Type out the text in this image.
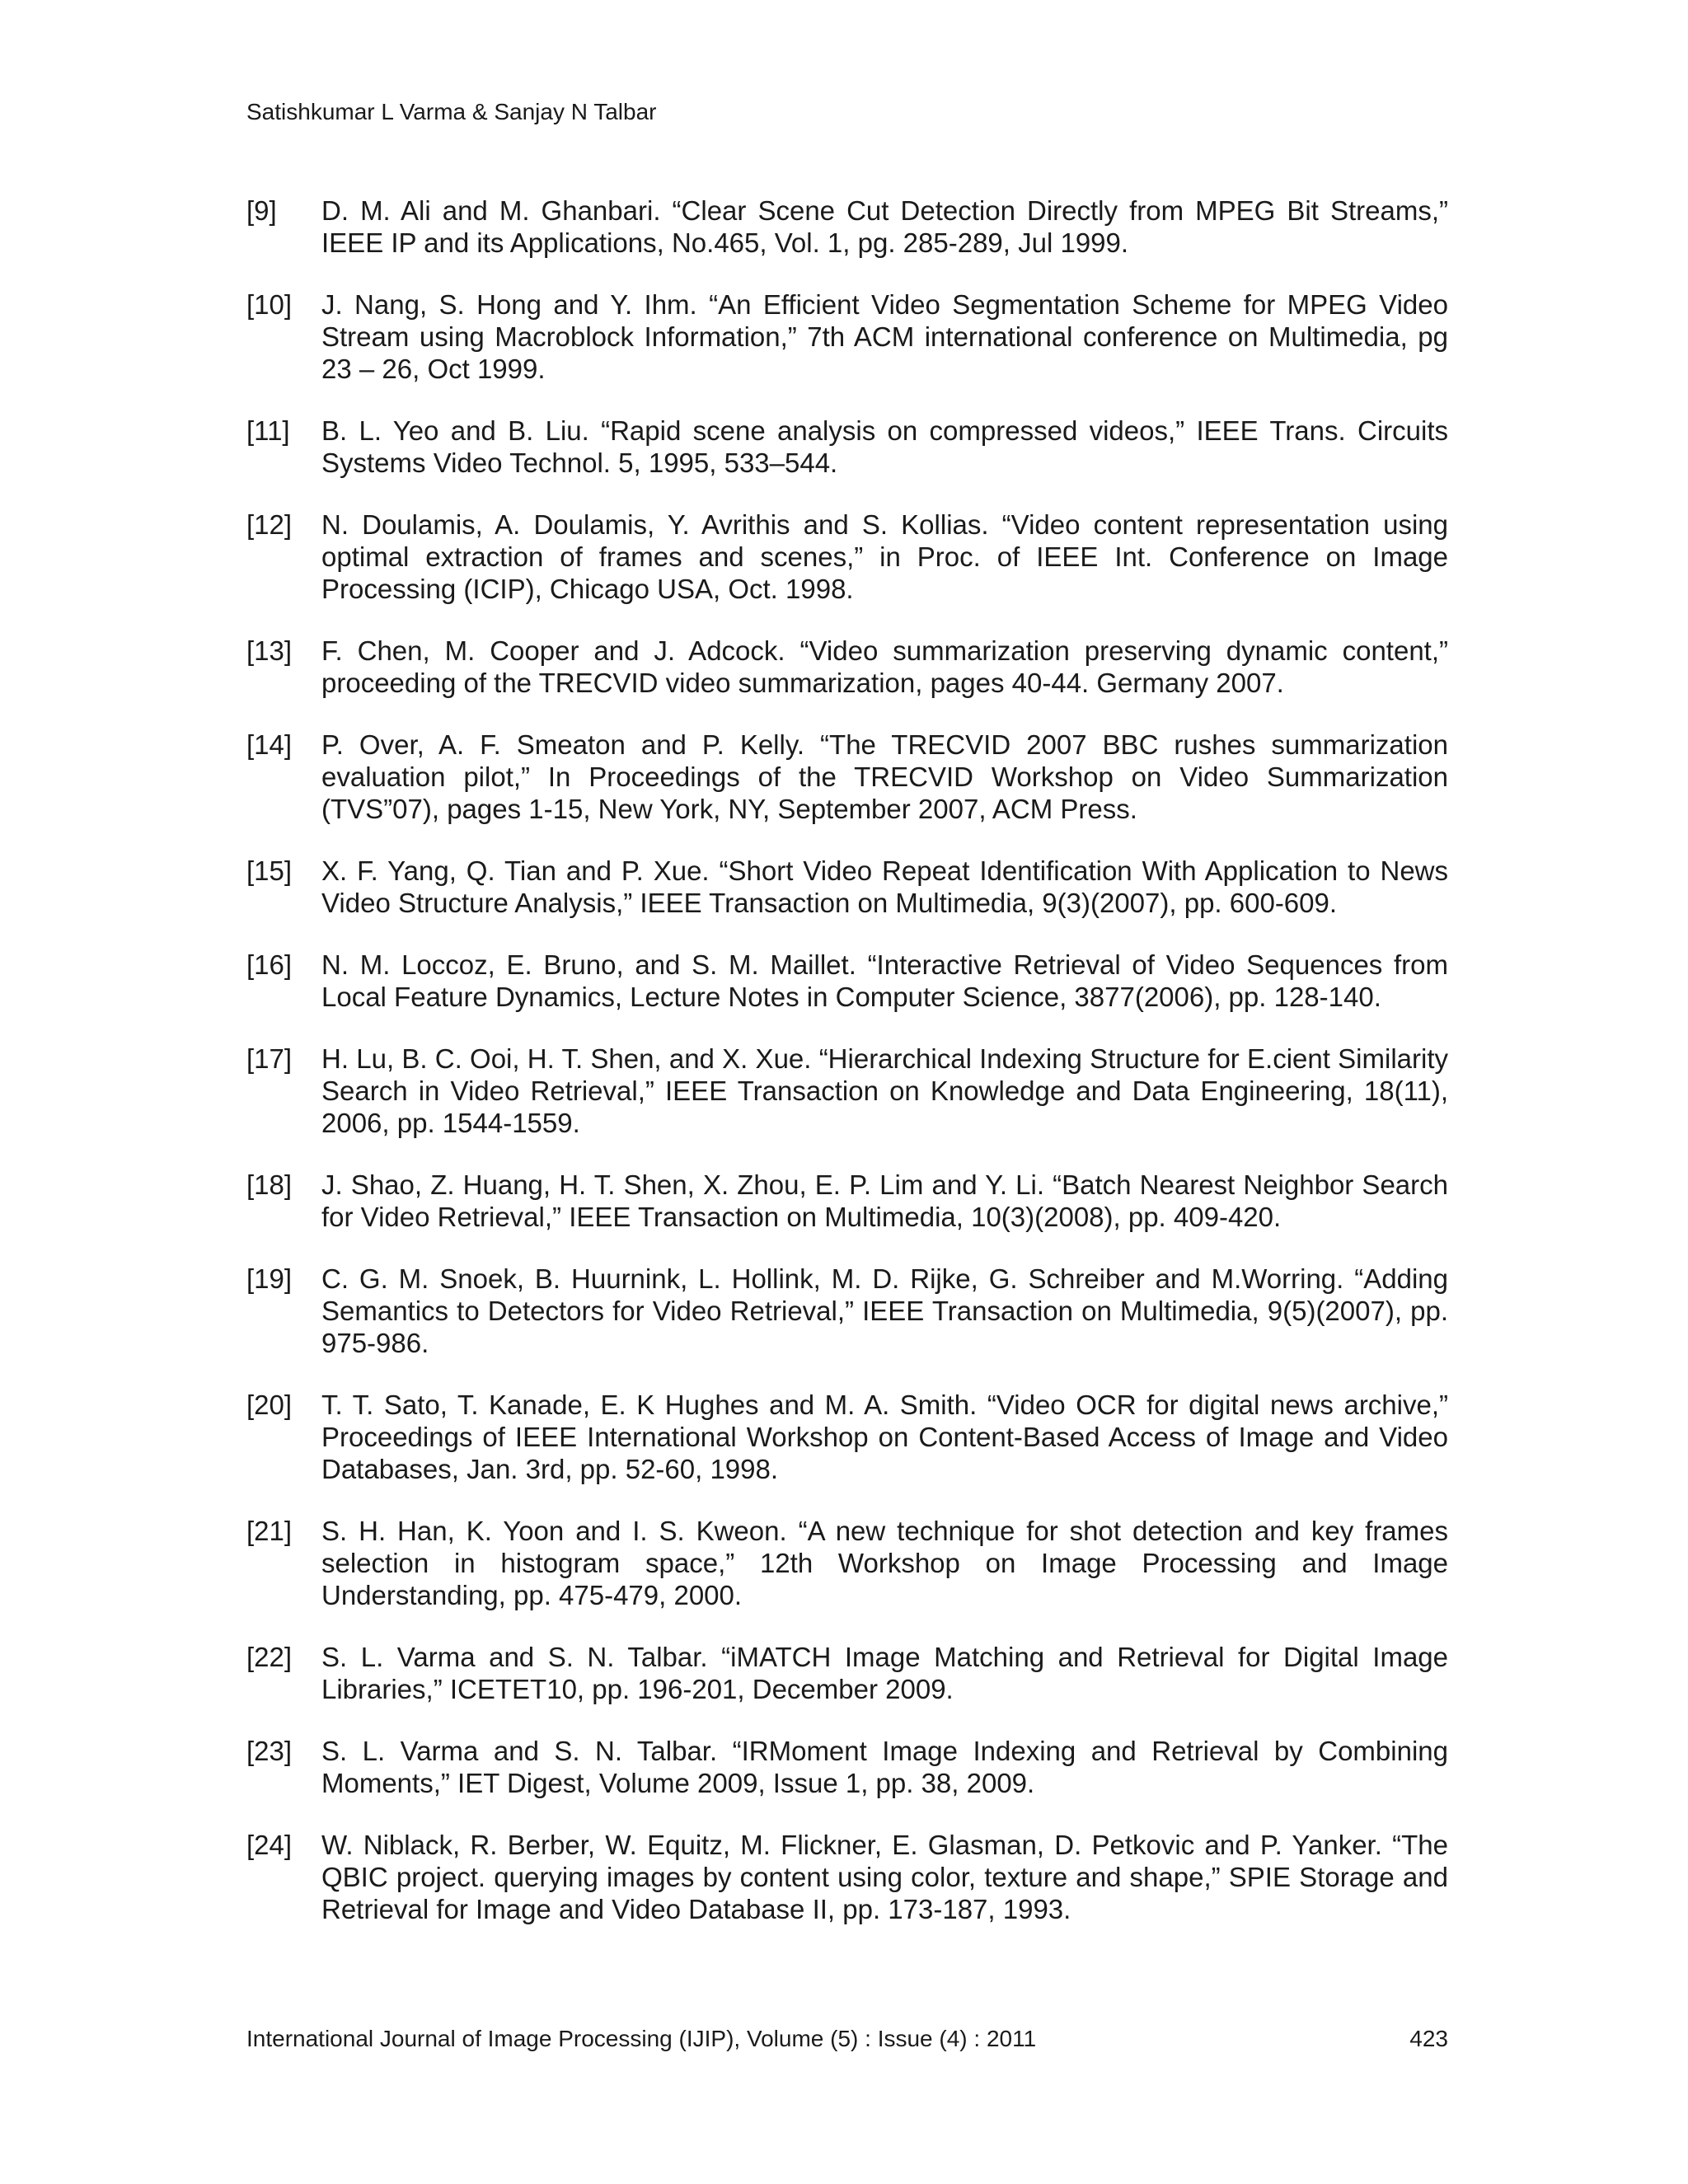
Satishkumar L Varma & Sanjay N Talbar
[9]	D. M. Ali and M. Ghanbari. “Clear Scene Cut Detection Directly from MPEG Bit Streams,” IEEE IP and its Applications, No.465, Vol. 1, pg. 285-289, Jul 1999.
[10]	J. Nang, S. Hong and Y. Ihm. “An Efficient Video Segmentation Scheme for MPEG Video Stream using Macroblock Information,” 7th ACM international conference on Multimedia, pg 23 – 26, Oct 1999.
[11]	B. L. Yeo and B. Liu. “Rapid scene analysis on compressed videos,” IEEE Trans. Circuits Systems Video Technol. 5, 1995, 533–544.
[12]	N. Doulamis, A. Doulamis, Y. Avrithis and S. Kollias. “Video content representation using optimal extraction of frames and scenes,” in Proc. of IEEE Int. Conference on Image Processing (ICIP), Chicago USA, Oct. 1998.
[13]	F. Chen, M. Cooper and J. Adcock. “Video summarization preserving dynamic content,” proceeding of the TRECVID video summarization, pages 40-44. Germany 2007.
[14]	P. Over, A. F. Smeaton and P. Kelly. “The TRECVID 2007 BBC rushes summarization evaluation pilot,” In Proceedings of the TRECVID Workshop on Video Summarization (TVS”07), pages 1-15, New York, NY, September 2007, ACM Press.
[15]	X. F. Yang, Q. Tian and P. Xue. “Short Video Repeat Identification With Application to News Video Structure Analysis,” IEEE Transaction on Multimedia, 9(3)(2007), pp. 600-609.
[16]	N. M. Loccoz, E. Bruno, and S. M. Maillet. “Interactive Retrieval of Video Sequences from Local Feature Dynamics, Lecture Notes in Computer Science, 3877(2006), pp. 128-140.
[17]	H. Lu, B. C. Ooi, H. T. Shen, and X. Xue. “Hierarchical Indexing Structure for E.cient Similarity Search in Video Retrieval,” IEEE Transaction on Knowledge and Data Engineering, 18(11), 2006, pp. 1544-1559.
[18]	J. Shao, Z. Huang, H. T. Shen, X. Zhou, E. P. Lim and Y. Li. “Batch Nearest Neighbor Search for Video Retrieval,” IEEE Transaction on Multimedia, 10(3)(2008), pp. 409-420.
[19]	C. G. M. Snoek, B. Huurnink, L. Hollink, M. D. Rijke, G. Schreiber and M.Worring. “Adding Semantics to Detectors for Video Retrieval,” IEEE Transaction on Multimedia, 9(5)(2007), pp. 975-986.
[20]	T. T. Sato, T. Kanade, E. K Hughes and M. A. Smith. “Video OCR for digital news archive,” Proceedings of IEEE International Workshop on Content-Based Access of Image and Video Databases, Jan. 3rd, pp. 52-60, 1998.
[21]	S. H. Han, K. Yoon and I. S. Kweon. “A new technique for shot detection and key frames selection in histogram space,” 12th Workshop on Image Processing and Image Understanding, pp. 475-479, 2000.
[22]	S. L. Varma and S. N. Talbar. “iMATCH Image Matching and Retrieval for Digital Image Libraries,” ICETET10, pp. 196-201, December 2009.
[23]	S. L. Varma and S. N. Talbar. “IRMoment Image Indexing and Retrieval by Combining Moments,” IET Digest, Volume 2009, Issue 1, pp. 38, 2009.
[24]	W. Niblack, R. Berber, W. Equitz, M. Flickner, E. Glasman, D. Petkovic and P. Yanker. “The QBIC project. querying images by content using color, texture and shape,” SPIE Storage and Retrieval for Image and Video Database II, pp. 173-187, 1993.
International Journal of Image Processing (IJIP), Volume (5) : Issue (4) : 2011	423
